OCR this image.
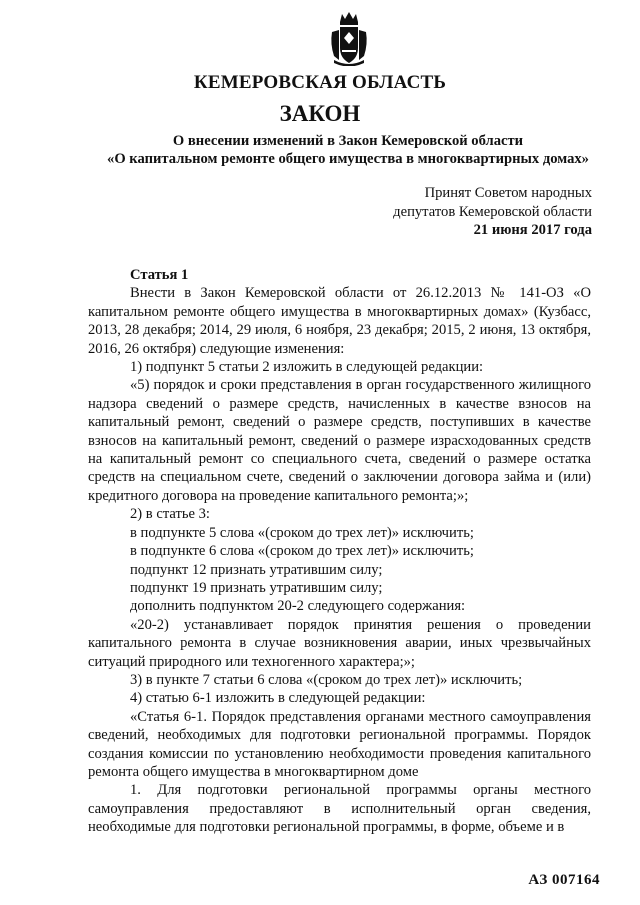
КЕМЕРОВСКАЯ ОБЛАСТЬ
ЗАКОН
О внесении изменений в Закон Кемеровской области
«О капитальном ремонте общего имущества в многоквартирных домах»
Принят Советом народных
депутатов Кемеровской области
21 июня 2017 года

Статья 1

Внести в Закон Кемеровской области от 26.12.2013 № 141-ОЗ «О капитальном ремонте общего имущества в многоквартирных домах» (Кузбасс, 2013, 28 декабря; 2014, 29 июля, 6 ноября, 23 декабря; 2015, 2 июня, 13 октября, 2016, 26 октября) следующие изменения:

1) подпункт 5 статьи 2 изложить в следующей редакции:

«5) порядок и сроки представления в орган государственного жилищного надзора сведений о размере средств, начисленных в качестве взносов на капитальный ремонт, сведений о размере средств, поступивших в качестве взносов на капитальный ремонт, сведений о размере израсходованных средств на капитальный ремонт со специального счета, сведений о размере остатка средств на специальном счете, сведений о заключении договора займа и (или) кредитного договора на проведение капитального ремонта;»;

2) в статье 3:

в подпункте 5 слова «(сроком до трех лет)» исключить;

в подпункте 6 слова «(сроком до трех лет)» исключить;

подпункт 12 признать утратившим силу;

подпункт 19 признать утратившим силу;

дополнить подпунктом 20-2 следующего содержания:

«20-2) устанавливает порядок принятия решения о проведении капитального ремонта в случае возникновения аварии, иных чрезвычайных ситуаций природного или техногенного характера;»;

3) в пункте 7 статьи 6 слова «(сроком до трех лет)» исключить;

4) статью 6-1 изложить в следующей редакции:

«Статья 6-1. Порядок представления органами местного самоуправления сведений, необходимых для подготовки региональной программы. Порядок создания комиссии по установлению необходимости проведения капитального ремонта общего имущества в многоквартирном доме

1. Для подготовки региональной программы органы местного самоуправления предоставляют в исполнительный орган сведения, необходимые для подготовки региональной программы, в форме, объеме и в

АЗ 007164
